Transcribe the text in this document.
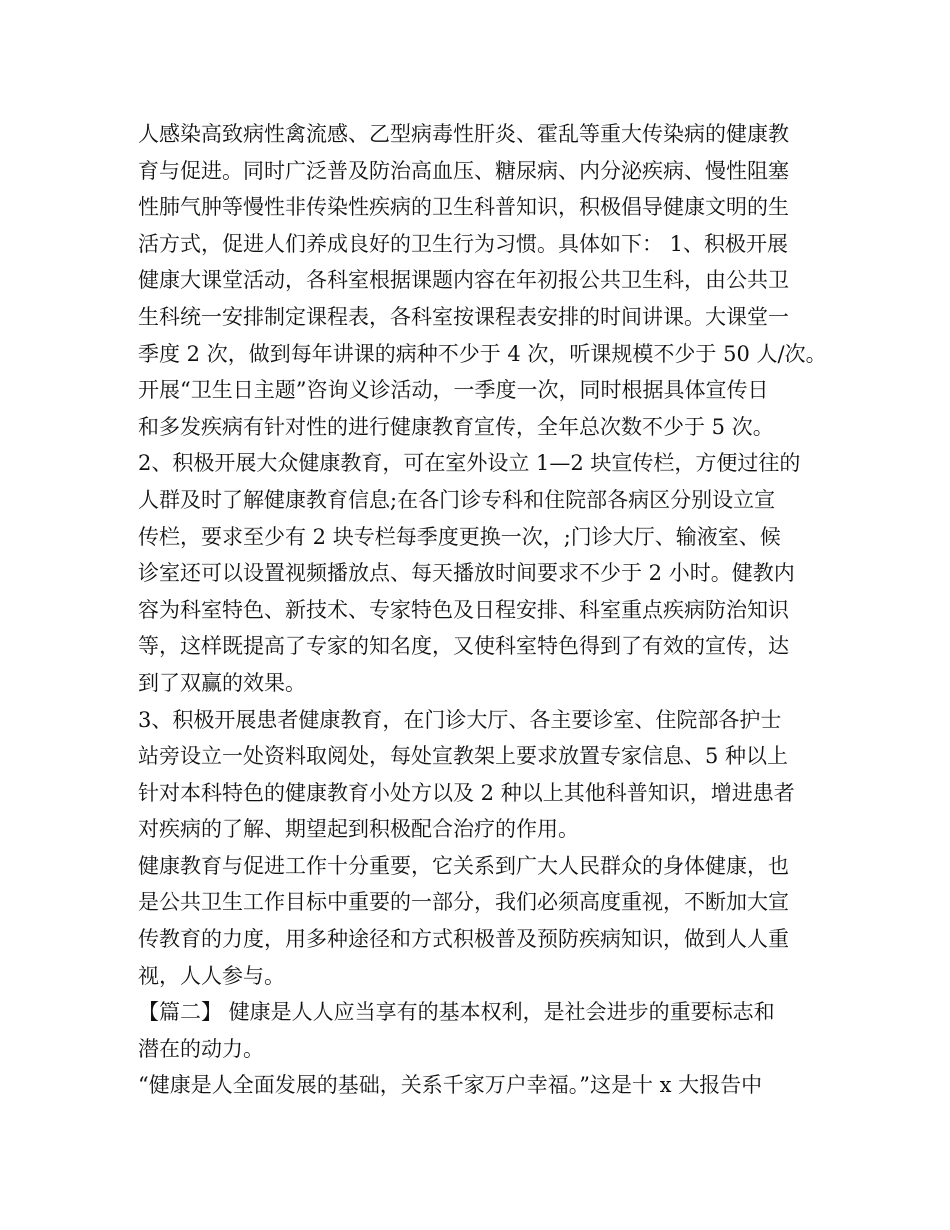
人感染高致病性禽流感、乙型病毒性肝炎、霍乱等重大传染病的健康教
育与促进。同时广泛普及防治高血压、糖尿病、内分泌疾病、慢性阻塞
性肺气肿等慢性非传染性疾病的卫生科普知识，积极倡导健康文明的生
活方式，促进人们养成良好的卫生行为习惯。具体如下： 1、积极开展
健康大课堂活动，各科室根据课题内容在年初报公共卫生科，由公共卫
生科统一安排制定课程表，各科室按课程表安排的时间讲课。大课堂一
季度 2 次，做到每年讲课的病种不少于 4 次，听课规模不少于 50 人/次。
开展“卫生日主题”咨询义诊活动，一季度一次，同时根据具体宣传日
和多发疾病有针对性的进行健康教育宣传，全年总次数不少于 5 次。
2、积极开展大众健康教育，可在室外设立 1—2 块宣传栏，方便过往的
人群及时了解健康教育信息;在各门诊专科和住院部各病区分别设立宣
传栏，要求至少有 2 块专栏每季度更换一次，;门诊大厅、输液室、候
诊室还可以设置视频播放点、每天播放时间要求不少于 2 小时。健教内
容为科室特色、新技术、专家特色及日程安排、科室重点疾病防治知识
等，这样既提高了专家的知名度，又使科室特色得到了有效的宣传，达
到了双赢的效果。
3、积极开展患者健康教育，在门诊大厅、各主要诊室、住院部各护士
站旁设立一处资料取阅处，每处宣教架上要求放置专家信息、5 种以上
针对本科特色的健康教育小处方以及 2 种以上其他科普知识，增进患者
对疾病的了解、期望起到积极配合治疗的作用。
健康教育与促进工作十分重要，它关系到广大人民群众的身体健康，也
是公共卫生工作目标中重要的一部分，我们必须高度重视，不断加大宣
传教育的力度，用多种途径和方式积极普及预防疾病知识，做到人人重
视，人人参与。
【篇二】 健康是人人应当享有的基本权利，是社会进步的重要标志和
潜在的动力。
“健康是人全面发展的基础，关系千家万户幸福。”这是十 x 大报告中
